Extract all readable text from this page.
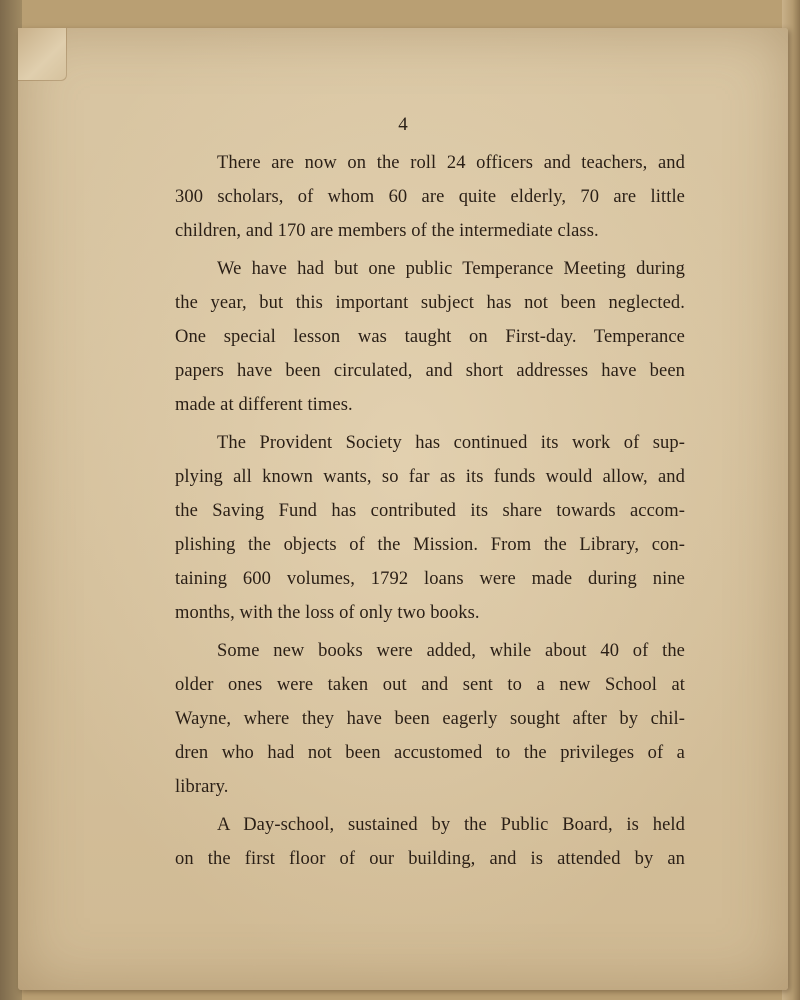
4
There are now on the roll 24 officers and teachers, and
300 scholars, of whom 60 are quite elderly, 70 are little
children, and 170 are members of the intermediate class.
We have had but one public Temperance Meeting during
the year, but this important subject has not been neglected.
One special lesson was taught on First-day. Temperance
papers have been circulated, and short addresses have been
made at different times.
The Provident Society has continued its work of sup-
plying all known wants, so far as its funds would allow, and
the Saving Fund has contributed its share towards accom-
plishing the objects of the Mission. From the Library, con-
taining 600 volumes, 1792 loans were made during nine
months, with the loss of only two books.
Some new books were added, while about 40 of the
older ones were taken out and sent to a new School at
Wayne, where they have been eagerly sought after by chil-
dren who had not been accustomed to the privileges of a
library.
A Day-school, sustained by the Public Board, is held
on the first floor of our building, and is attended by an
